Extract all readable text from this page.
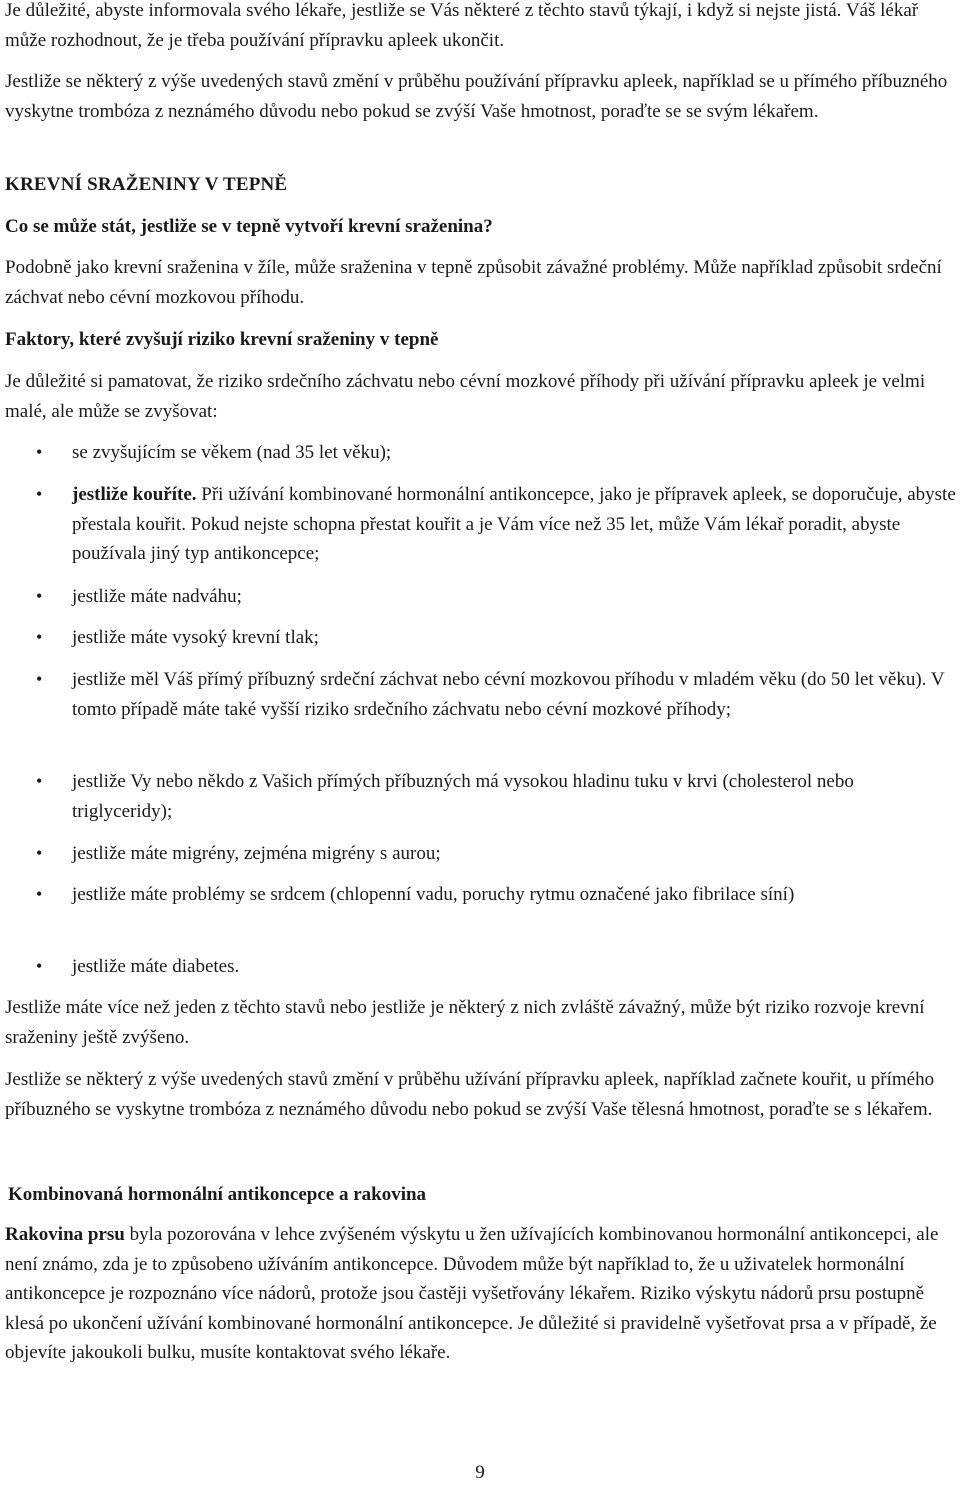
Je důležité, abyste informovala svého lékaře, jestliže se Vás některé z těchto stavů týkají, i když si nejste jistá. Váš lékař může rozhodnout, že je třeba používání přípravku apleek ukončit.

Jestliže se některý z výše uvedených stavů změní v průběhu používání přípravku apleek, například se u přímého příbuzného vyskytne trombóza z neznámého důvodu nebo pokud se zvýší Vaše hmotnost, poraďte se se svým lékařem.

KREVNÍ SRAŽENINY V TEPNĚ

Co se může stát, jestliže se v tepně vytvoří krevní sraženina?

Podobně jako krevní sraženina v žíle, může sraženina v tepně způsobit závažné problémy. Může například způsobit srdeční záchvat nebo cévní mozkovou příhodu.

Faktory, které zvyšují riziko krevní sraženiny v tepně

Je důležité si pamatovat, že riziko srdečního záchvatu nebo cévní mozkové příhody při užívání přípravku apleek je velmi malé, ale může se zvyšovat:

• se zvyšujícím se věkem (nad 35 let věku);

• jestliže kouříte. Při užívání kombinované hormonální antikoncepce, jako je přípravek apleek, se doporučuje, abyste přestala kouřit. Pokud nejste schopna přestat kouřit a je Vám více než 35 let, může Vám lékař poradit, abyste používala jiný typ antikoncepce;

• jestliže máte nadváhu;

• jestliže máte vysoký krevní tlak;

• jestliže měl Váš přímý příbuzný srdeční záchvat nebo cévní mozkovou příhodu v mladém věku (do 50 let věku). V tomto případě máte také vyšší riziko srdečního záchvatu nebo cévní mozkové příhody;

• jestliže Vy nebo někdo z Vašich přímých příbuzných má vysokou hladinu tuku v krvi (cholesterol nebo triglyceridy);

• jestliže máte migrény, zejména migrény s aurou;

• jestliže máte problémy se srdcem (chlopenní vadu, poruchy rytmu označené jako fibrilace síní)

• jestliže máte diabetes.

Jestliže máte více než jeden z těchto stavů nebo jestliže je některý z nich zvláště závažný, může být riziko rozvoje krevní sraženiny ještě zvýšeno.

Jestliže se některý z výše uvedených stavů změní v průběhu užívání přípravku apleek, například začnete kouřit, u přímého příbuzného se vyskytne trombóza z neznámého důvodu nebo pokud se zvýší Vaše tělesná hmotnost, poraďte se s lékařem.

Kombinovaná hormonální antikoncepce a rakovina

Rakovina prsu byla pozorována v lehce zvýšeném výskytu u žen užívajících kombinovanou hormonální antikoncepci, ale není známo, zda je to způsobeno užíváním antikoncepce. Důvodem může být například to, že u uživatelek hormonální antikoncepce je rozpoznáno více nádorů, protože jsou častěji vyšetřovány lékařem. Riziko výskytu nádorů prsu postupně klesá po ukončení užívání kombinované hormonální antikoncepce. Je důležité si pravidelně vyšetřovat prsa a v případě, že objevíte jakoukoli bulku, musíte kontaktovat svého lékaře.

9
